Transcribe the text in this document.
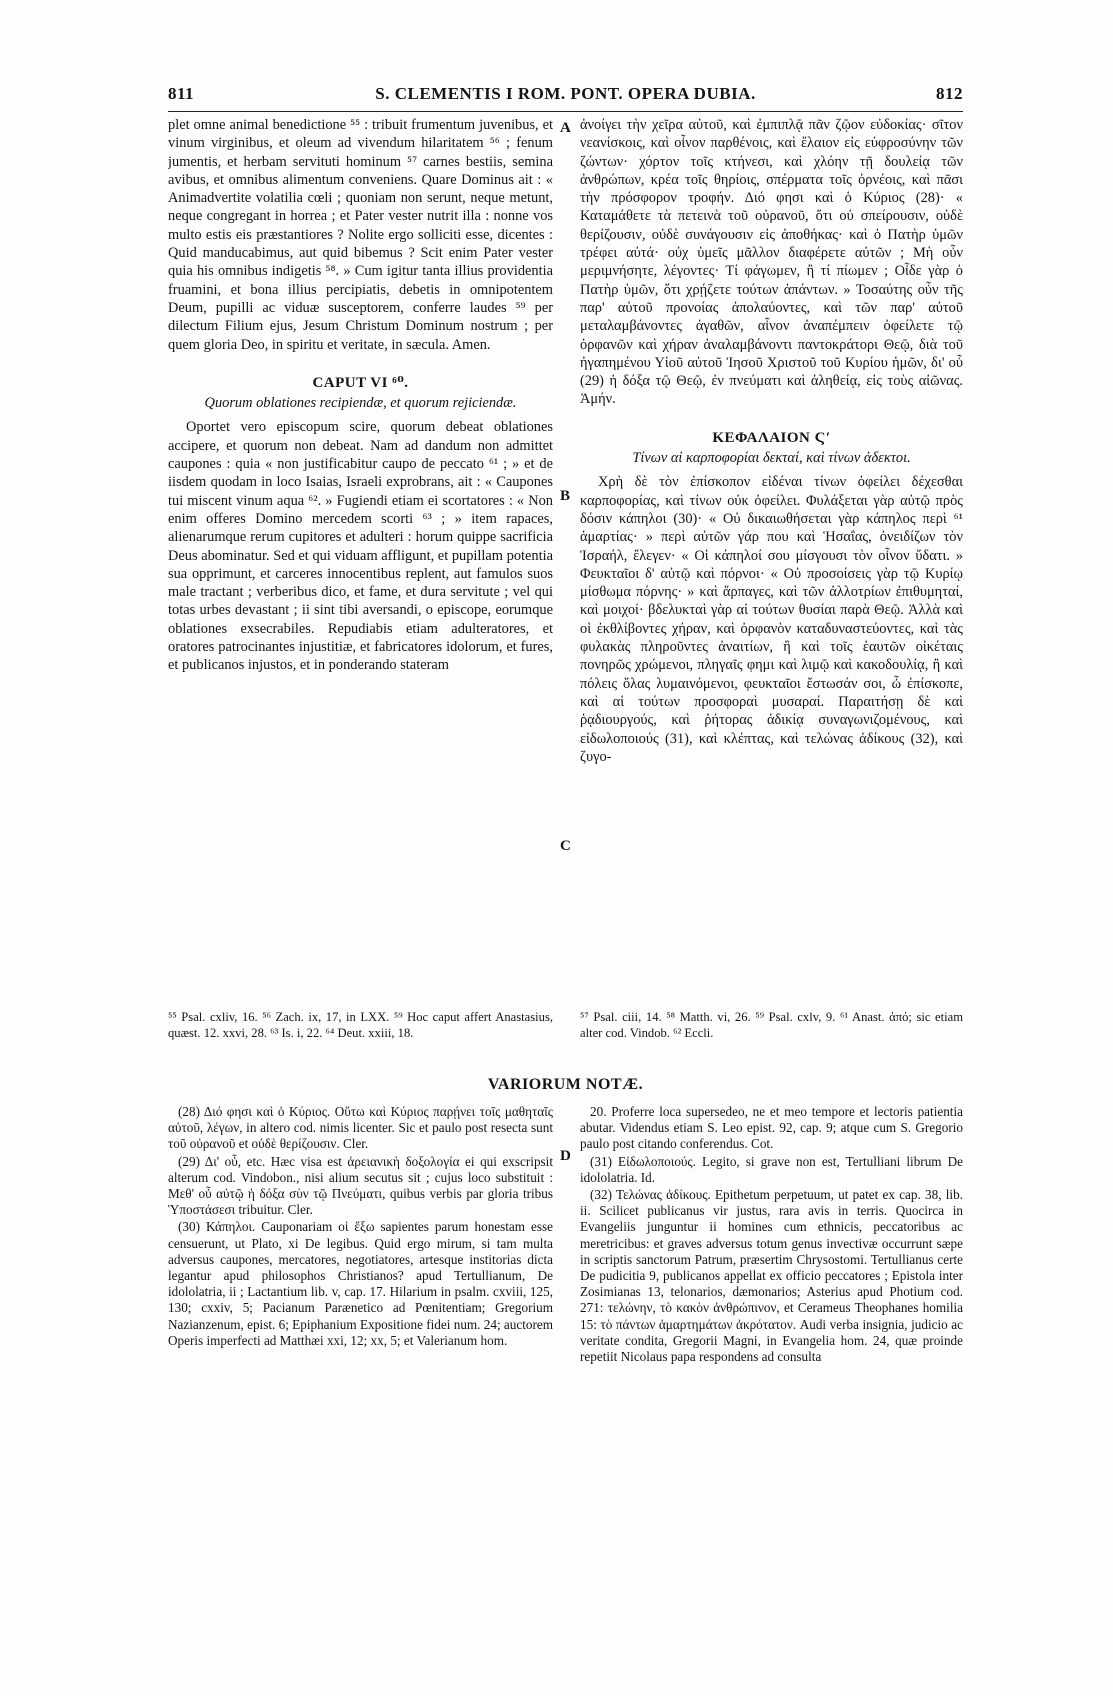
811	S. CLEMENTIS I ROM. PONT. OPERA DUBIA.	812

plet omne animal benedictione ⁵⁵ : tribuit frumentum juvenibus, et vinum virginibus, et oleum ad vivendum hilaritatem ⁵⁶ ; fenum jumentis, et herbam servituti hominum ⁵⁷ carnes bestiis, semina avibus, et omnibus alimentum conveniens. Quare Dominus ait : « Animadvertite volatilia cœli ; quoniam non serunt, neque metunt, neque congregant in horrea ; et Pater vester nutrit illa : nonne vos multo estis eis præstantiores ? Nolite ergo solliciti esse, dicentes : Quid manducabimus, aut quid bibemus ? Scit enim Pater vester quia his omnibus indigetis ⁵⁸. » Cum igitur tanta illius providentia fruamini, et bona illius percipiatis, debetis in omnipotentem Deum, pupilli ac viduæ susceptorem, conferre laudes ⁵⁹ per dilectum Filium ejus, Jesum Christum Dominum nostrum ; per quem gloria Deo, in spiritu et veritate, in sæcula. Amen.

CAPUT VI ⁶⁰.
Quorum oblationes recipiendæ, et quorum rejiciendæ.

Oportet vero episcopum scire, quorum debeat oblationes accipere, et quorum non debeat. Nam ad dandum non admittet caupones : quia « non justificabitur caupo de peccato ⁶¹ ; » et de iisdem quodam in loco Isaias, Israeli exprobrans, ait : « Caupones tui miscent vinum aqua ⁶². » Fugiendi etiam ei scortatores : « Non enim offeres Domino mercedem scorti ⁶³ ; » item rapaces, alienarumque rerum cupitores et adulteri : horum quippe sacrificia Deus abominatur. Sed et qui viduam affligunt, et pupillam potentia sua opprimunt, et carceres innocentibus replent, aut famulos suos male tractant ; verberibus dico, et fame, et dura servitute ; vel qui totas urbes devastant ; ii sint tibi aversandi, o episcope, eorumque oblationes exsecrabiles. Repudiabis etiam adulteratores, et oratores patrocinantes injustitiæ, et fabricatores idolorum, et fures, et publicanos injustos, et in ponderando stateram

A
B
C
D

ἀνοίγει τὴν χεῖρα αὐτοῦ, καὶ ἐμπιπλᾷ πᾶν ζῷον εὐδοκίας· σῖτον νεανίσκοις, καὶ οἶνον παρθένοις, καὶ ἔλαιον εἰς εὐφροσύνην τῶν ζώντων· χόρτον τοῖς κτήνεσι, καὶ χλόην τῇ δουλείᾳ τῶν ἀνθρώπων, κρέα τοῖς θηρίοις, σπέρματα τοῖς ὀρνέοις, καὶ πᾶσι τὴν πρόσφορον τροφήν. Διό φησι καὶ ὁ Κύριος (28)· « Καταμάθετε τὰ πετεινὰ τοῦ οὐρανοῦ, ὅτι οὐ σπείρουσιν, οὐδὲ θερίζουσιν, οὐδὲ συνάγουσιν εἰς ἀποθήκας· καὶ ὁ Πατὴρ ὑμῶν τρέφει αὐτά· οὐχ ὑμεῖς μᾶλλον διαφέρετε αὐτῶν ; Μὴ οὖν μεριμνήσητε, λέγοντες· Τί φάγωμεν, ἢ τί πίωμεν ; Οἶδε γὰρ ὁ Πατὴρ ὑμῶν, ὅτι χρῄζετε τούτων ἁπάντων. » Τοσαύτης οὖν τῆς παρ' αὐτοῦ προνοίας ἀπολαύοντες, καὶ τῶν παρ' αὐτοῦ μεταλαμβάνοντες ἀγαθῶν, αἶνον ἀναπέμπειν ὀφείλετε τῷ ὀρφανῶν καὶ χήραν ἀναλαμβάνοντι παντοκράτορι Θεῷ, διὰ τοῦ ἠγαπημένου Υἱοῦ αὐτοῦ Ἰησοῦ Χριστοῦ τοῦ Κυρίου ἡμῶν, δι' οὗ (29) ἡ δόξα τῷ Θεῷ, ἐν πνεύματι καὶ ἀληθείᾳ, εἰς τοὺς αἰῶνας. Ἀμήν.

ΚΕΦΑΛΑΙΟΝ Ϛʹ
Τίνων αἱ καρποφορίαι δεκταί, καὶ τίνων ἀδεκτοι.

Χρὴ δὲ τὸν ἐπίσκοπον εἰδέναι τίνων ὀφείλει δέχεσθαι καρποφορίας, καὶ τίνων οὐκ ὀφείλει. Φυλάξεται γὰρ αὐτῷ πρὸς δόσιν κάπηλοι (30)· « Οὐ δικαιωθήσεται γὰρ κάπηλος περὶ ⁶¹ ἁμαρτίας· » περὶ αὐτῶν γάρ που καὶ Ἡσαΐας, ὀνειδίζων τὸν Ἰσραήλ, ἔλεγεν· « Οἱ κάπηλοί σου μίσγουσι τὸν οἶνον ὕδατι. » Φευκταῖοι δ' αὐτῷ καὶ πόρνοι· « Οὐ προσοίσεις γὰρ τῷ Κυρίῳ μίσθωμα πόρνης· » καὶ ἅρπαγες, καὶ τῶν ἀλλοτρίων ἐπιθυμηταί, καὶ μοιχοί· βδελυκταὶ γὰρ αἱ τούτων θυσίαι παρὰ Θεῷ. Ἀλλὰ καὶ οἱ ἐκθλίβοντες χήραν, καὶ ὀρφανὸν καταδυναστεύοντες, καὶ τὰς φυλακὰς πληροῦντες ἀναιτίων, ἢ καὶ τοῖς ἑαυτῶν οἰκέταις πονηρῶς χρώμενοι, πληγαῖς φημι καὶ λιμῷ καὶ κακοδουλίᾳ, ἢ καὶ πόλεις ὅλας λυμαινόμενοι, φευκταῖοι ἔστωσάν σοι, ὦ ἐπίσκοπε, καὶ αἱ τούτων προσφοραὶ μυσαραί. Παραιτήσῃ δὲ καὶ ῥᾳδιουργούς, καὶ ῥήτορας ἀδικίᾳ συναγωνιζομένους, καὶ εἰδωλοποιούς (31), καὶ κλέπτας, καὶ τελώνας ἀδίκους (32), καὶ ζυγο-

⁵⁵ Psal. cxliv, 16. ⁵⁶ Zach. ix, 17, in LXX. ⁵⁹ Hoc caput affert Anastasius, quæst. 12. xxvi, 28. ⁶³ Is. i, 22. ⁶⁴ Deut. xxiii, 18.

⁵⁷ Psal. ciii, 14. ⁵⁸ Matth. vi, 26. ⁵⁹ Psal. cxlv, 9. ⁶¹ Anast. ἀπό; sic etiam alter cod. Vindob. ⁶² Eccli.

VARIORUM NOTÆ.

(28) Διό φησι καὶ ὁ Κύριος. Οὕτω καὶ Κύριος παρῄνει τοῖς μαθηταῖς αὐτοῦ, λέγων, in altero cod. nimis licenter. Sic et paulo post resecta sunt τοῦ οὐρανοῦ et οὐδὲ θερίζουσιν. Cler.

(29) Δι' οὗ, etc. Hæc visa est ἀρειανικὴ δοξολογία ei qui exscripsit alterum cod. Vindobon., nisi alium secutus sit ; cujus loco substituit : Μεθ' οὗ αὐτῷ ἡ δόξα σὺν τῷ Πνεύματι, quibus verbis par gloria tribus Ὑποστάσεσι tribuitur. Cler.

(30) Κάπηλοι. Cauponariam οἱ ἔξω sapientes parum honestam esse censuerunt, ut Plato, xi De legibus. Quid ergo mirum, si tam multa adversus caupones, mercatores, negotiatores, artesque institorias dicta legantur apud philosophos Christianos? apud Tertullianum, De idololatria, ii ; Lactantium lib. v, cap. 17. Hilarium in psalm. cxviii, 125, 130; cxxiv, 5; Pacianum Parænetico ad Pœnitentiam; Gregorium Nazianzenum, epist. 6; Epiphanium Expositione fidei num. 24; auctorem Operis imperfecti ad Matthæi xxi, 12; xx, 5; et Valerianum hom.

20. Proferre loca supersedeo, ne et meo tempore et lectoris patientia abutar. Videndus etiam S. Leo epist. 92, cap. 9; atque cum S. Gregorio paulo post citando conferendus. Cot.

(31) Εἰδωλοποιούς. Legito, si grave non est, Tertulliani librum De idololatria. Id.

(32) Τελώνας ἀδίκους. Epithetum perpetuum, ut patet ex cap. 38, lib. ii. Scilicet publicanus vir justus, rara avis in terris. Quocirca in Evangeliis junguntur ii homines cum ethnicis, peccatoribus ac meretricibus: et graves adversus totum genus invectivæ occurrunt sæpe in scriptis sanctorum Patrum, præsertim Chrysostomi. Tertullianus certe De pudicitia 9, publicanos appellat ex officio peccatores ; Epistola inter Zosimianas 13, telonarios, dæmonarios; Asterius apud Photium cod. 271: τελώνην, τὸ κακὸν ἀνθρώπινον, et Cerameus Theophanes homilia 15: τὸ πάντων ἁμαρτημάτων ἀκρότατον. Audi verba insignia, judicio ac veritate condita, Gregorii Magni, in Evangelia hom. 24, quæ proinde repetiit Nicolaus papa respondens ad consulta
